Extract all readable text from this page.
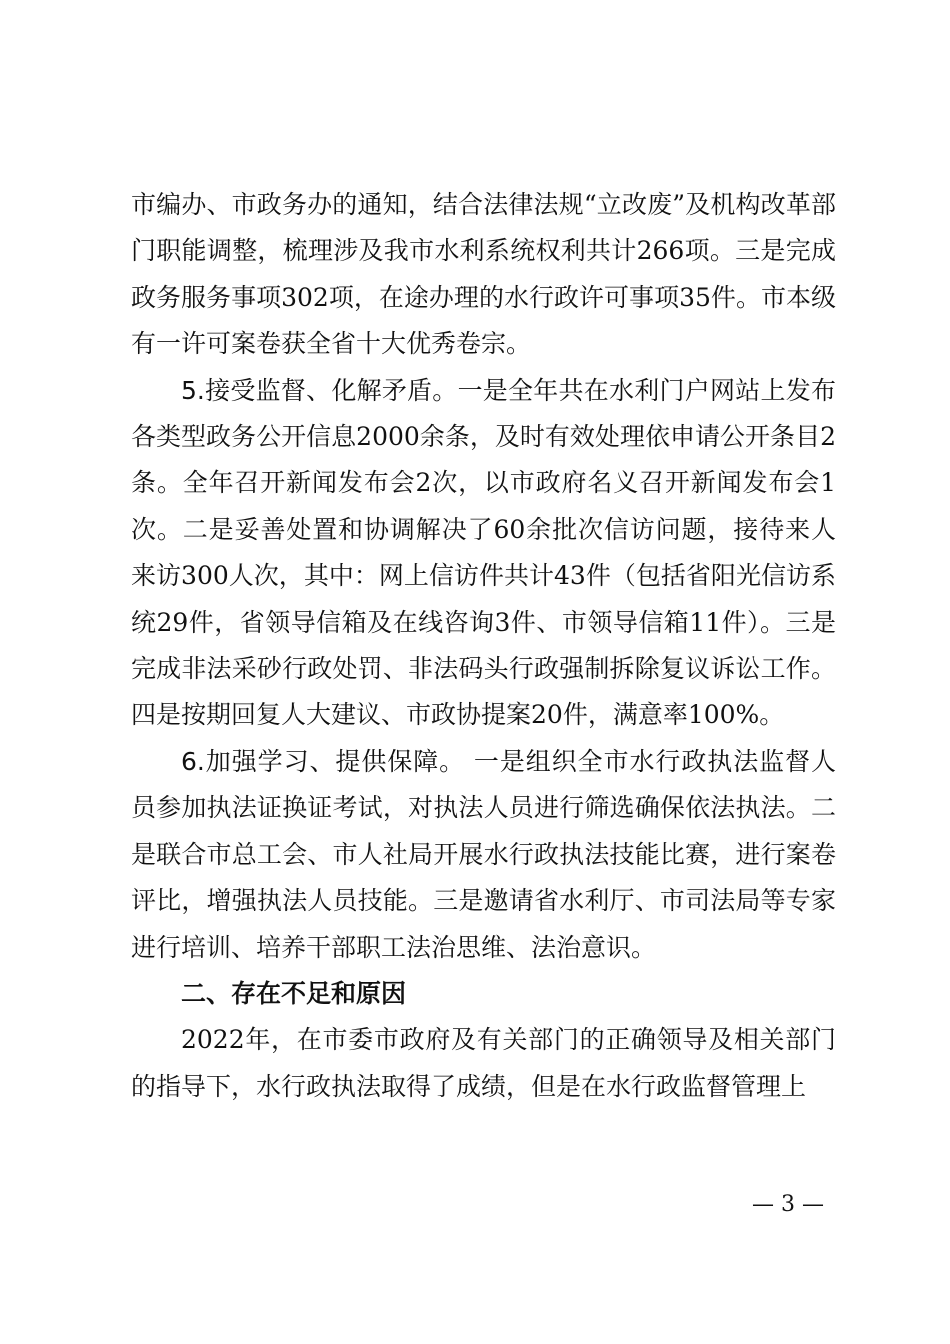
市编办、市政务办的通知，结合法律法规“立改废”及机构改革部门职能调整，梳理涉及我市水利系统权利共计266项。三是完成政务服务事项302项，在途办理的水行政许可事项35件。市本级有一许可案卷获全省十大优秀卷宗。

5.接受监督、化解矛盾。一是全年共在水利门户网站上发布各类型政务公开信息2000余条，及时有效处理依申请公开条目2条。全年召开新闻发布会2次，以市政府名义召开新闻发布会1次。二是妥善处置和协调解决了60余批次信访问题，接待来人来访300人次，其中：网上信访件共计43件（包括省阳光信访系统29件，省领导信箱及在线咨询3件、市领导信箱11件）。三是完成非法采砂行政处罚、非法码头行政强制拆除复议诉讼工作。四是按期回复人大建议、市政协提案20件，满意率100%。

6.加强学习、提供保障。 一是组织全市水行政执法监督人员参加执法证换证考试，对执法人员进行筛选确保依法执法。二是联合市总工会、市人社局开展水行政执法技能比赛，进行案卷评比，增强执法人员技能。三是邀请省水利厅、市司法局等专家进行培训、培养干部职工法治思维、法治意识。

二、存在不足和原因

2022年，在市委市政府及有关部门的正确领导及相关部门的指导下，水行政执法取得了成绩，但是在水行政监督管理上

— 3 —
